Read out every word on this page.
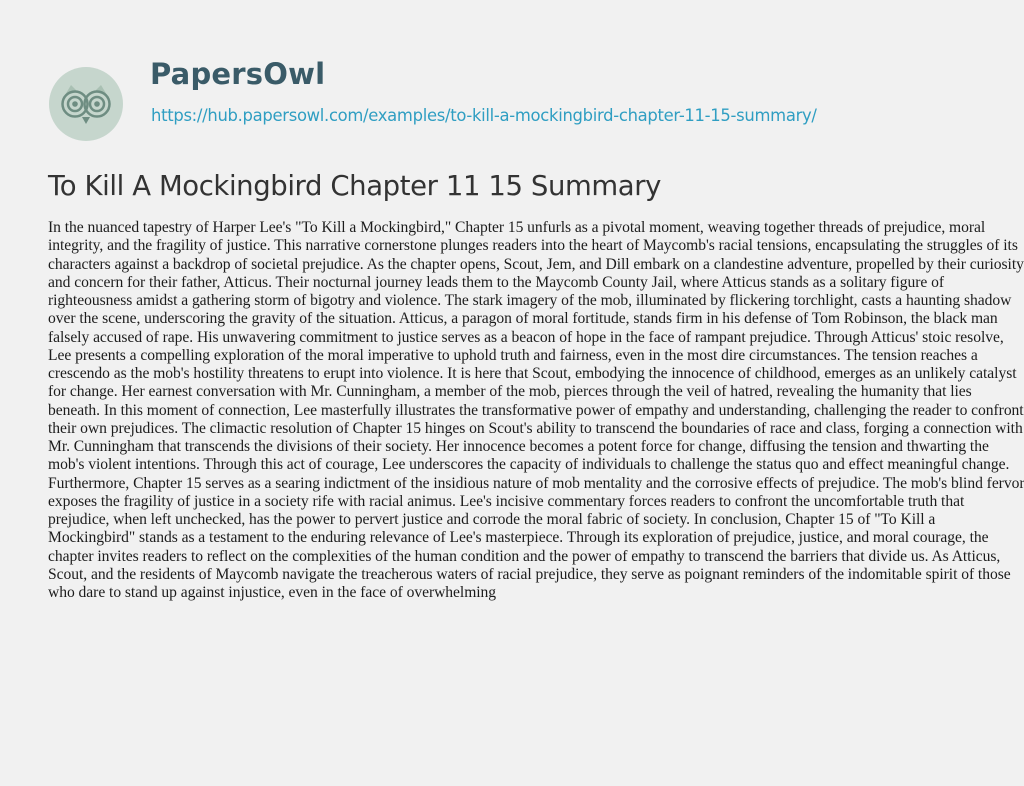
PapersOwl
https://hub.papersowl.com/examples/to-kill-a-mockingbird-chapter-11-15-summary/
To Kill A Mockingbird Chapter 11 15 Summary

In the nuanced tapestry of Harper Lee's "To Kill a Mockingbird," Chapter 15 unfurls as a pivotal moment, weaving together threads of prejudice, moral integrity, and the fragility of justice. This narrative cornerstone plunges readers into the heart of Maycomb's racial tensions, encapsulating the struggles of its characters against a backdrop of societal prejudice. As the chapter opens, Scout, Jem, and Dill embark on a clandestine adventure, propelled by their curiosity and concern for their father, Atticus. Their nocturnal journey leads them to the Maycomb County Jail, where Atticus stands as a solitary figure of righteousness amidst a gathering storm of bigotry and violence. The stark imagery of the mob, illuminated by flickering torchlight, casts a haunting shadow over the scene, underscoring the gravity of the situation. Atticus, a paragon of moral fortitude, stands firm in his defense of Tom Robinson, the black man falsely accused of rape. His unwavering commitment to justice serves as a beacon of hope in the face of rampant prejudice. Through Atticus' stoic resolve, Lee presents a compelling exploration of the moral imperative to uphold truth and fairness, even in the most dire circumstances. The tension reaches a crescendo as the mob's hostility threatens to erupt into violence. It is here that Scout, embodying the innocence of childhood, emerges as an unlikely catalyst for change. Her earnest conversation with Mr. Cunningham, a member of the mob, pierces through the veil of hatred, revealing the humanity that lies beneath. In this moment of connection, Lee masterfully illustrates the transformative power of empathy and understanding, challenging the reader to confront their own prejudices. The climactic resolution of Chapter 15 hinges on Scout's ability to transcend the boundaries of race and class, forging a connection with Mr. Cunningham that transcends the divisions of their society. Her innocence becomes a potent force for change, diffusing the tension and thwarting the mob's violent intentions. Through this act of courage, Lee underscores the capacity of individuals to challenge the status quo and effect meaningful change. Furthermore, Chapter 15 serves as a searing indictment of the insidious nature of mob mentality and the corrosive effects of prejudice. The mob's blind fervor exposes the fragility of justice in a society rife with racial animus. Lee's incisive commentary forces readers to confront the uncomfortable truth that prejudice, when left unchecked, has the power to pervert justice and corrode the moral fabric of society. In conclusion, Chapter 15 of "To Kill a Mockingbird" stands as a testament to the enduring relevance of Lee's masterpiece. Through its exploration of prejudice, justice, and moral courage, the chapter invites readers to reflect on the complexities of the human condition and the power of empathy to transcend the barriers that divide us. As Atticus, Scout, and the residents of Maycomb navigate the treacherous waters of racial prejudice, they serve as poignant reminders of the indomitable spirit of those who dare to stand up against injustice, even in the face of overwhelming
